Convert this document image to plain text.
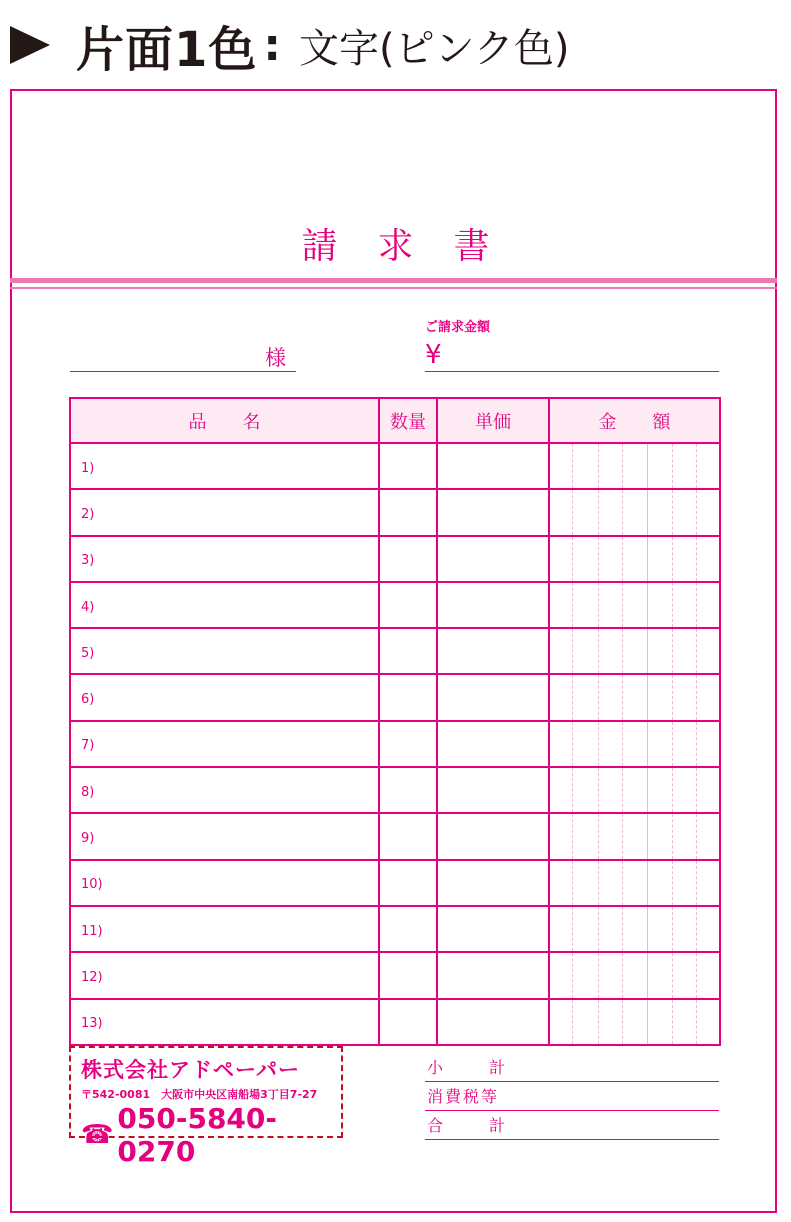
片面1色 : 文字(ピンク色)
請求書
ご請求金額
様	¥
品　　名	数量	単価	金　　額

1)			

2)			

3)			

4)			

5)			

6)			

7)			

8)			

9)			

10)			

11)			

12)			

13)			

株式会社アドペーパー
〒542-0081　大阪市中央区南船場3丁目7-27
☎ 050-5840-0270
小	計
消費税等
合	計
